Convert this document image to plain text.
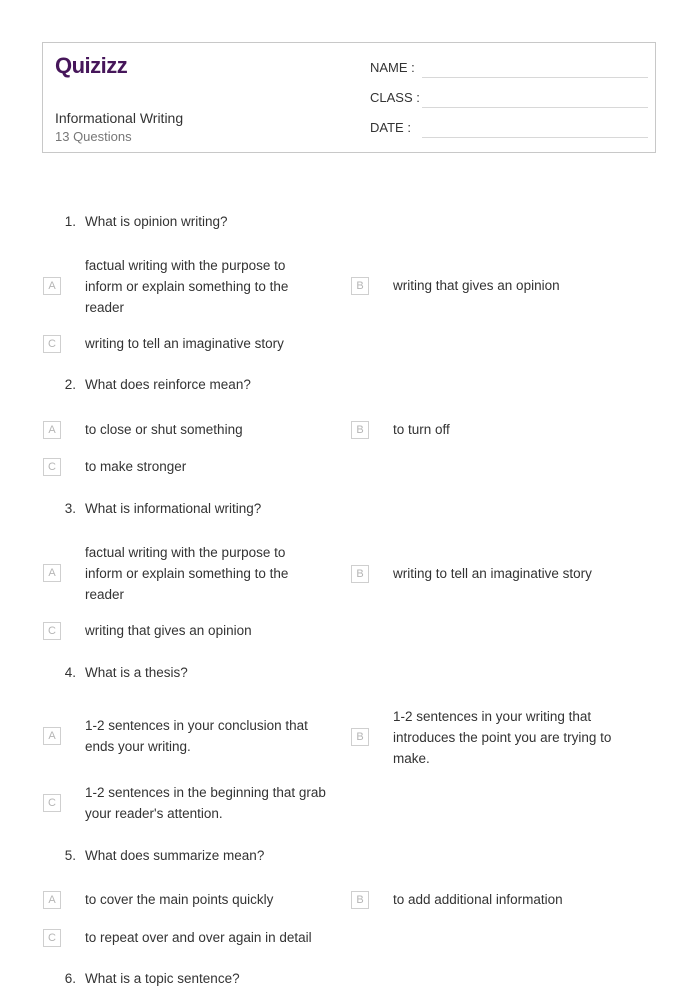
Quizizz
Informational Writing
13 Questions
NAME :
CLASS :
DATE :
1. What is opinion writing?
A
factual writing with the purpose to
inform or explain something to the
reader
B	writing that gives an opinion
C	writing to tell an imaginative story
2. What does reinforce mean?
A	to close or shut something	B	to turn off
C	to make stronger
3. What is informational writing?
A
factual writing with the purpose to
inform or explain something to the
reader
B	writing to tell an imaginative story
C	writing that gives an opinion
4. What is a thesis?
A
1-2 sentences in your conclusion that
ends your writing.
B
1-2 sentences in your writing that
introduces the point you are trying to
make.
C
1-2 sentences in the beginning that grab
your reader's attention.
5. What does summarize mean?
A	to cover the main points quickly	B	to add additional information
C	to repeat over and over again in detail
6. What is a topic sentence?
